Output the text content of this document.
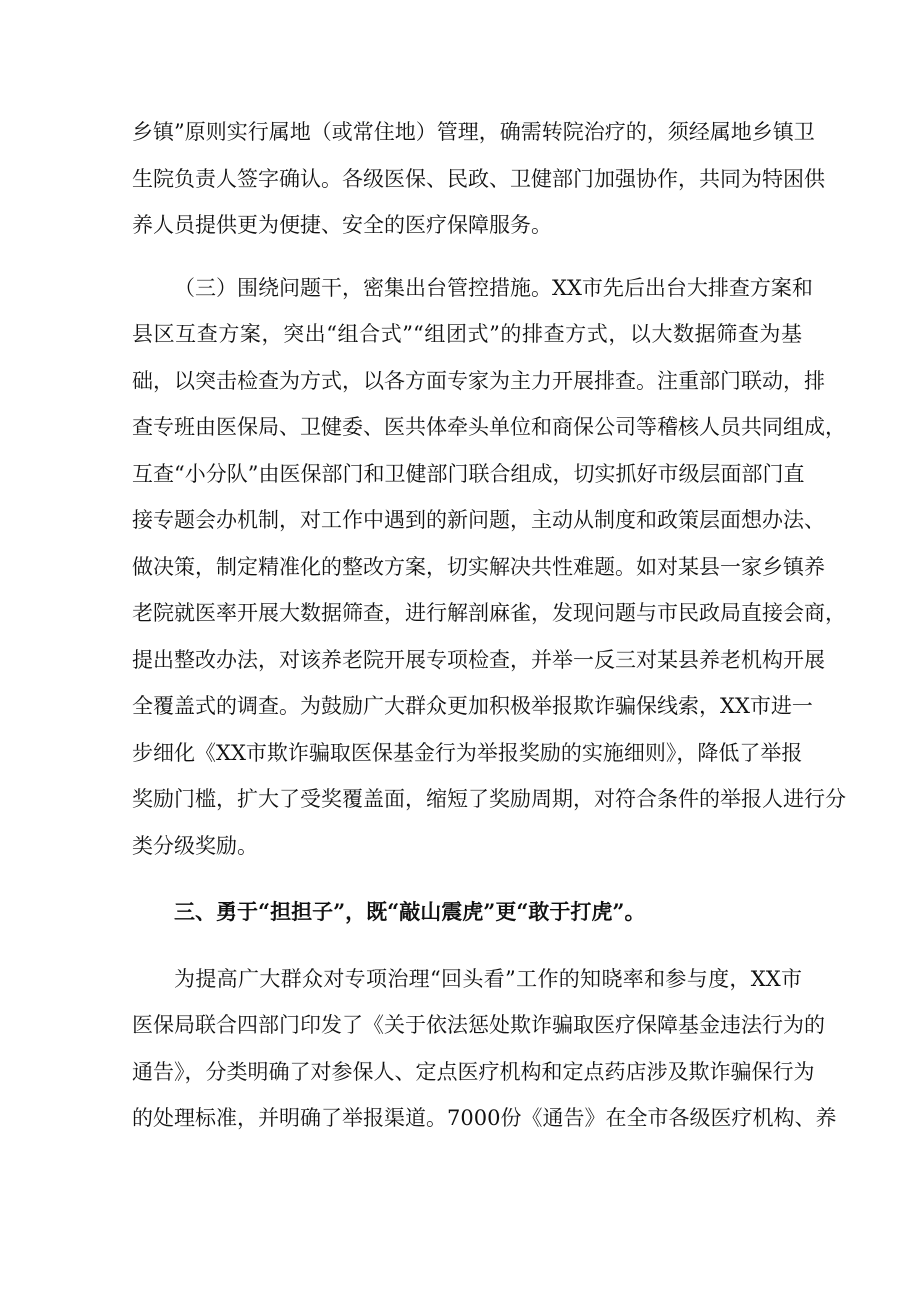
乡镇”原则实行属地（或常住地）管理，确需转院治疗的，须经属地乡镇卫
生院负责人签字确认。各级医保、民政、卫健部门加强协作，共同为特困供
养人员提供更为便捷、安全的医疗保障服务。
（三）围绕问题干，密集出台管控措施。XX市先后出台大排查方案和
县区互查方案，突出“组合式”“组团式”的排查方式，以大数据筛查为基
础，以突击检查为方式，以各方面专家为主力开展排查。注重部门联动，排
查专班由医保局、卫健委、医共体牵头单位和商保公司等稽核人员共同组成，
互查“小分队”由医保部门和卫健部门联合组成，切实抓好市级层面部门直
接专题会办机制，对工作中遇到的新问题，主动从制度和政策层面想办法、
做决策，制定精准化的整改方案，切实解决共性难题。如对某县一家乡镇养
老院就医率开展大数据筛查，进行解剖麻雀，发现问题与市民政局直接会商，
提出整改办法，对该养老院开展专项检查，并举一反三对某县养老机构开展
全覆盖式的调查。为鼓励广大群众更加积极举报欺诈骗保线索，XX市进一
步细化《XX市欺诈骗取医保基金行为举报奖励的实施细则》，降低了举报
奖励门槛，扩大了受奖覆盖面，缩短了奖励周期，对符合条件的举报人进行分
类分级奖励。
三、勇于“担担子”，既“敲山震虎”更“敢于打虎”。
为提高广大群众对专项治理“回头看”工作的知晓率和参与度，XX市
医保局联合四部门印发了《关于依法惩处欺诈骗取医疗保障基金违法行为的
通告》，分类明确了对参保人、定点医疗机构和定点药店涉及欺诈骗保行为
的处理标准，并明确了举报渠道。7000份《通告》在全市各级医疗机构、养
